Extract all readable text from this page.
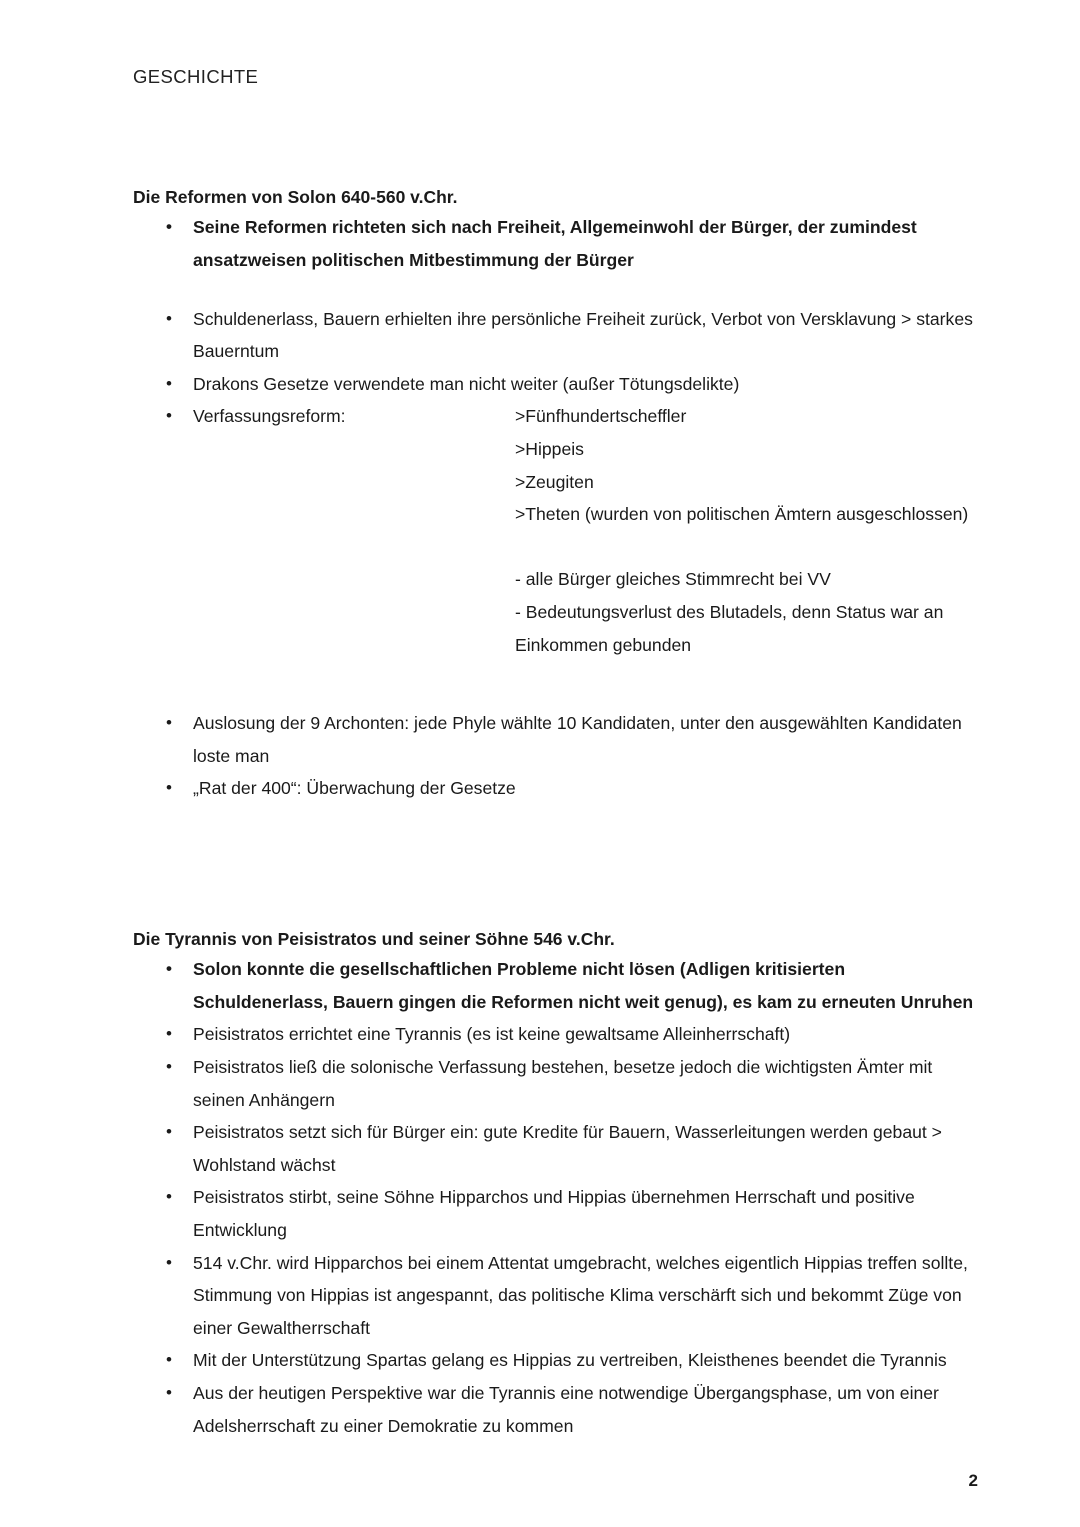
GESCHICHTE
Die Reformen von Solon 640-560 v.Chr.
• Seine Reformen richteten sich nach Freiheit, Allgemeinwohl der Bürger, der zumindest ansatzweisen politischen Mitbestimmung der Bürger
• Schuldenerlass, Bauern erhielten ihre persönliche Freiheit zurück, Verbot von Versklavung > starkes Bauerntum
• Drakons Gesetze verwendete man nicht weiter (außer Tötungsdelikte)
• Verfassungsreform:	>Fünfhundertscheffler
>Hippeis
>Zeugiten
>Theten (wurden von politischen Ämtern ausgeschlossen)
- alle Bürger gleiches Stimmrecht bei VV
- Bedeutungsverlust des Blutadels, denn Status war an Einkommen gebunden
• Auslosung der 9 Archonten: jede Phyle wählte 10 Kandidaten, unter den ausgewählten Kandidaten loste man
• „Rat der 400“: Überwachung der Gesetze
Die Tyrannis von Peisistratos und seiner Söhne 546 v.Chr.
• Solon konnte die gesellschaftlichen Probleme nicht lösen (Adligen kritisierten Schuldenerlass, Bauern gingen die Reformen nicht weit genug), es kam zu erneuten Unruhen
• Peisistratos errichtet eine Tyrannis (es ist keine gewaltsame Alleinherrschaft)
• Peisistratos ließ die solonische Verfassung bestehen, besetze jedoch die wichtigsten Ämter mit seinen Anhängern
• Peisistratos setzt sich für Bürger ein: gute Kredite für Bauern, Wasserleitungen werden gebaut > Wohlstand wächst
• Peisistratos stirbt, seine Söhne Hipparchos und Hippias übernehmen Herrschaft und positive Entwicklung
• 514 v.Chr. wird Hipparchos bei einem Attentat umgebracht, welches eigentlich Hippias treffen sollte, Stimmung von Hippias ist angespannt, das politische Klima verschärft sich und bekommt Züge von einer Gewaltherrschaft
• Mit der Unterstützung Spartas gelang es Hippias zu vertreiben, Kleisthenes beendet die Tyrannis
• Aus der heutigen Perspektive war die Tyrannis eine notwendige Übergangsphase, um von einer Adelsherrschaft zu einer Demokratie zu kommen
2
